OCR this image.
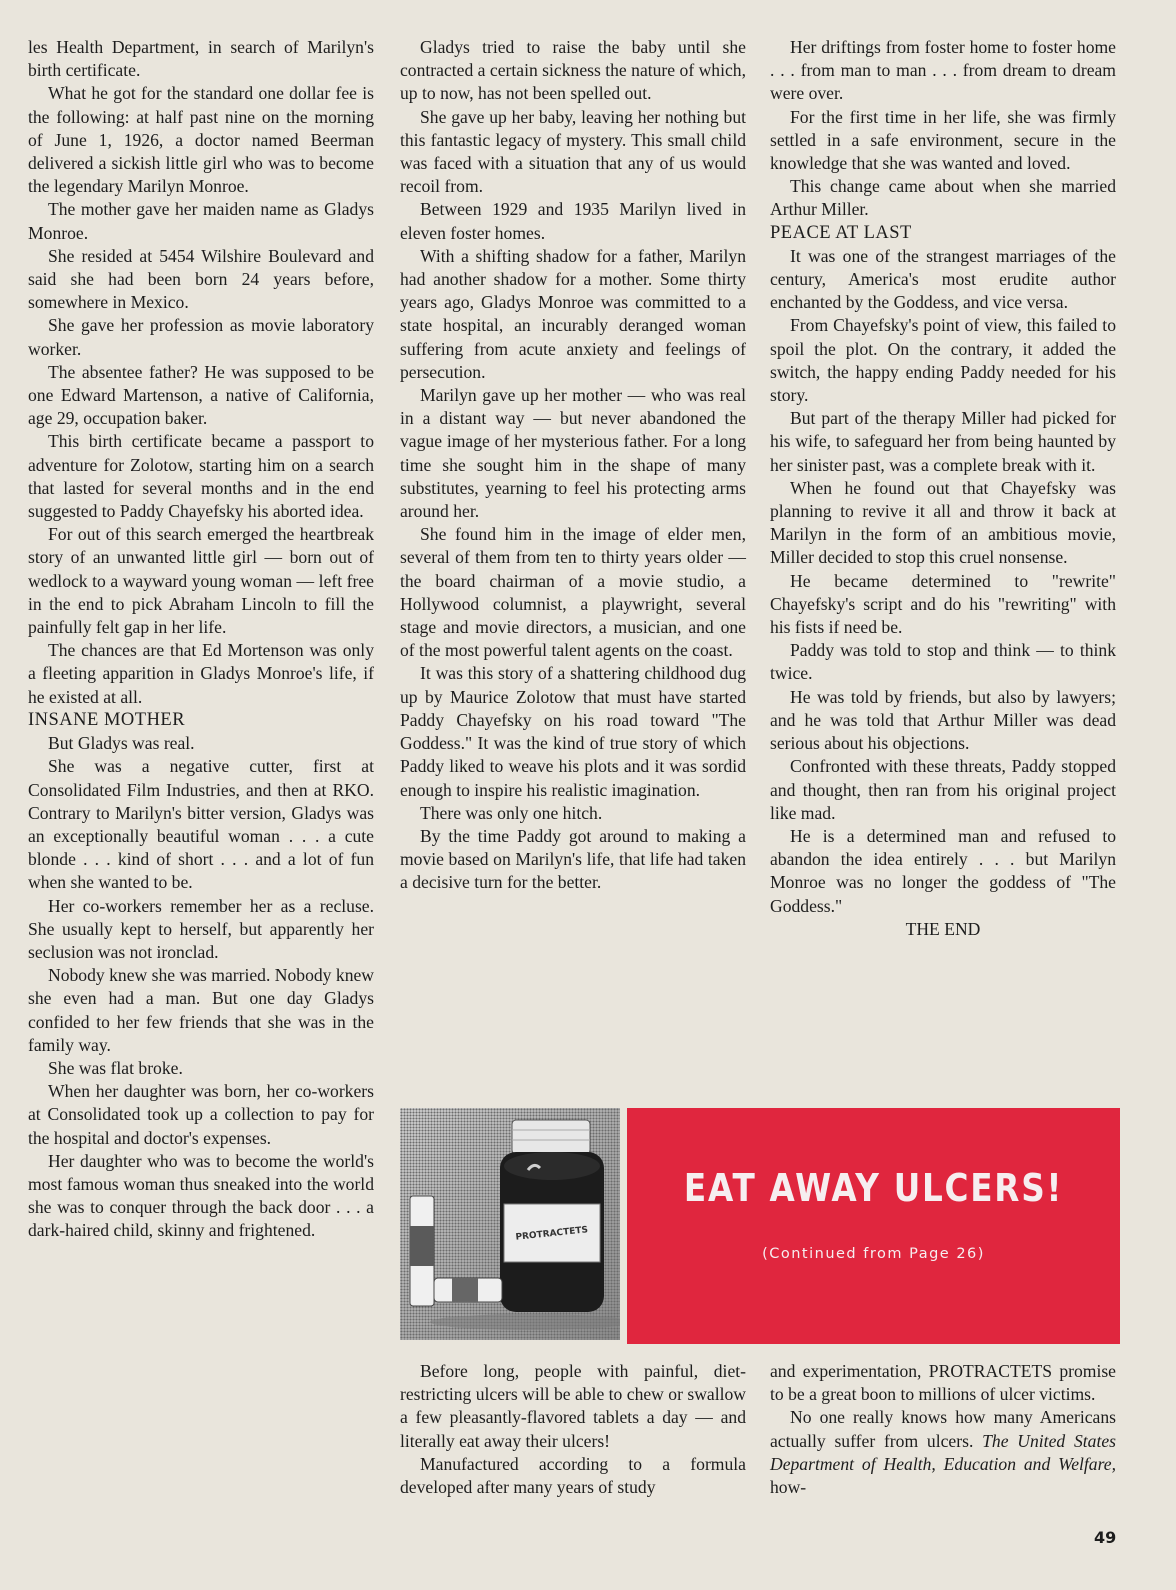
les Health Department, in search of Marilyn's birth certificate.

What he got for the standard one dollar fee is the following: at half past nine on the morning of June 1, 1926, a doctor named Beerman delivered a sickish little girl who was to become the legendary Marilyn Monroe.

The mother gave her maiden name as Gladys Monroe.

She resided at 5454 Wilshire Boulevard and said she had been born 24 years before, somewhere in Mexico.

She gave her profession as movie laboratory worker.

The absentee father? He was supposed to be one Edward Martenson, a native of California, age 29, occupation baker.

This birth certificate became a passport to adventure for Zolotow, starting him on a search that lasted for several months and in the end suggested to Paddy Chayefsky his aborted idea.

For out of this search emerged the heartbreak story of an unwanted little girl — born out of wedlock to a wayward young woman — left free in the end to pick Abraham Lincoln to fill the painfully felt gap in her life.

The chances are that Ed Mortenson was only a fleeting apparition in Gladys Monroe's life, if he existed at all.

INSANE MOTHER

But Gladys was real.

She was a negative cutter, first at Consolidated Film Industries, and then at RKO. Contrary to Marilyn's bitter version, Gladys was an exceptionally beautiful woman . . . a cute blonde . . . kind of short . . . and a lot of fun when she wanted to be.

Her co-workers remember her as a recluse. She usually kept to herself, but apparently her seclusion was not ironclad.

Nobody knew she was married. Nobody knew she even had a man. But one day Gladys confided to her few friends that she was in the family way.

She was flat broke.

When her daughter was born, her co-workers at Consolidated took up a collection to pay for the hospital and doctor's expenses.

Her daughter who was to become the world's most famous woman thus sneaked into the world she was to conquer through the back door . . . a dark-haired child, skinny and frightened.

Gladys tried to raise the baby until she contracted a certain sickness the nature of which, up to now, has not been spelled out.

She gave up her baby, leaving her nothing but this fantastic legacy of mystery. This small child was faced with a situation that any of us would recoil from.

Between 1929 and 1935 Marilyn lived in eleven foster homes.

With a shifting shadow for a father, Marilyn had another shadow for a mother. Some thirty years ago, Gladys Monroe was committed to a state hospital, an incurably deranged woman suffering from acute anxiety and feelings of persecution.

Marilyn gave up her mother — who was real in a distant way — but never abandoned the vague image of her mysterious father. For a long time she sought him in the shape of many substitutes, yearning to feel his protecting arms around her.

She found him in the image of elder men, several of them from ten to thirty years older — the board chairman of a movie studio, a Hollywood columnist, a playwright, several stage and movie directors, a musician, and one of the most powerful talent agents on the coast.

It was this story of a shattering childhood dug up by Maurice Zolotow that must have started Paddy Chayefsky on his road toward "The Goddess." It was the kind of true story of which Paddy liked to weave his plots and it was sordid enough to inspire his realistic imagination.

There was only one hitch.

By the time Paddy got around to making a movie based on Marilyn's life, that life had taken a decisive turn for the better.

Her driftings from foster home to foster home . . . from man to man . . . from dream to dream were over.

For the first time in her life, she was firmly settled in a safe environment, secure in the knowledge that she was wanted and loved.

This change came about when she married Arthur Miller.

PEACE AT LAST

It was one of the strangest marriages of the century, America's most erudite author enchanted by the Goddess, and vice versa.

From Chayefsky's point of view, this failed to spoil the plot. On the contrary, it added the switch, the happy ending Paddy needed for his story.

But part of the therapy Miller had picked for his wife, to safeguard her from being haunted by her sinister past, was a complete break with it.

When he found out that Chayefsky was planning to revive it all and throw it back at Marilyn in the form of an ambitious movie, Miller decided to stop this cruel nonsense.

He became determined to "rewrite" Chayefsky's script and do his "rewriting" with his fists if need be.

Paddy was told to stop and think — to think twice.

He was told by friends, but also by lawyers; and he was told that Arthur Miller was dead serious about his objections.

Confronted with these threats, Paddy stopped and thought, then ran from his original project like mad.

He is a determined man and refused to abandon the idea entirely . . . but Marilyn Monroe was no longer the goddess of "The Goddess."

THE END

PROTRACTETS
EAT AWAY ULCERS!
(Continued from Page 26)

Before long, people with painful, diet-restricting ulcers will be able to chew or swallow a few pleasantly-flavored tablets a day — and literally eat away their ulcers!

Manufactured according to a formula developed after many years of study

and experimentation, PROTRACTETS promise to be a great boon to millions of ulcer victims.

No one really knows how many Americans actually suffer from ulcers. The United States Department of Health, Education and Welfare, how-

49
